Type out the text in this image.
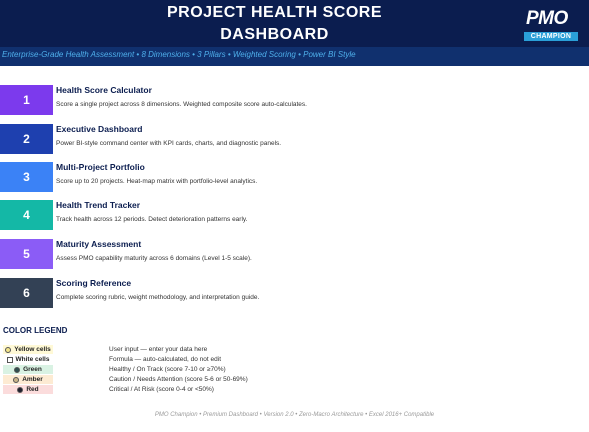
PROJECT HEALTH SCORE
DASHBOARD
PMO
CHAMPION
Enterprise-Grade Health Assessment • 8 Dimensions • 3 Pillars • Weighted Scoring • Power BI Style
1
Health Score Calculator
Score a single project across 8 dimensions. Weighted composite score auto-calculates.
2
Executive Dashboard
Power BI-style command center with KPI cards, charts, and diagnostic panels.
3
Multi-Project Portfolio
Score up to 20 projects. Heat-map matrix with portfolio-level analytics.
4
Health Trend Tracker
Track health across 12 periods. Detect deterioration patterns early.
5
Maturity Assessment
Assess PMO capability maturity across 6 domains (Level 1-5 scale).
6
Scoring Reference
Complete scoring rubric, weight methodology, and interpretation guide.
COLOR LEGEND
Yellow cells	User input — enter your data here
White cells	Formula — auto-calculated, do not edit
Green	Healthy / On Track (score 7-10 or ≥70%)
Amber	Caution / Needs Attention (score 5-6 or 50-69%)
Red	Critical / At Risk (score 0-4 or <50%)
PMO Champion • Premium Dashboard • Version 2.0 • Zero-Macro Architecture • Excel 2016+ Compatible
